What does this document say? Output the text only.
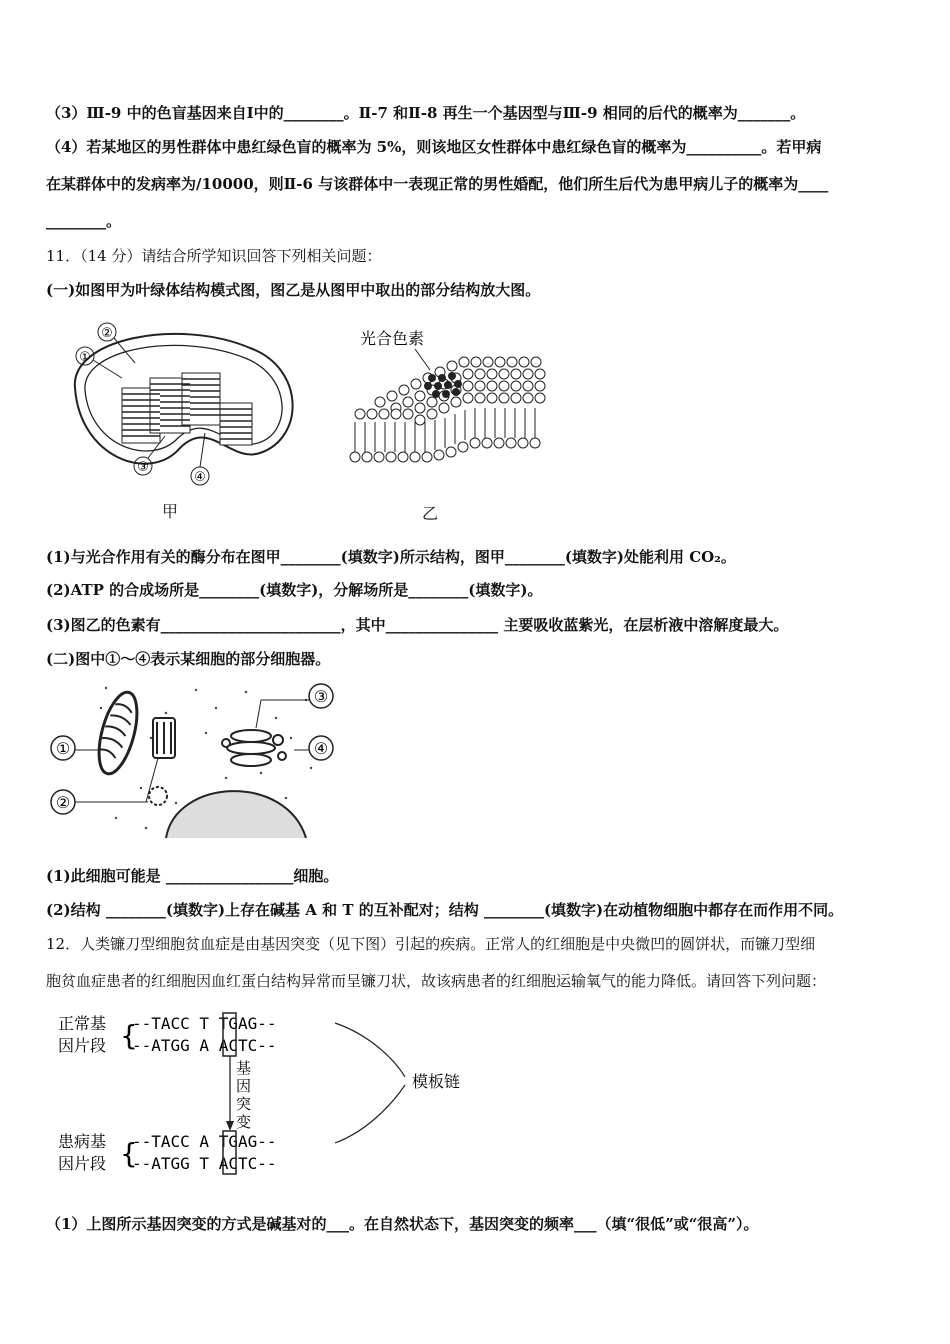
（3）Ⅲ-9 中的色盲基因来自Ⅰ中的________。Ⅱ-7 和Ⅱ-8 再生一个基因型与Ⅲ-9 相同的后代的概率为_______。
（4）若某地区的男性群体中患红绿色盲的概率为 5%，则该地区女性群体中患红绿色盲的概率为__________。若甲病
在某群体中的发病率为/10000，则Ⅱ-6 与该群体中一表现正常的男性婚配，他们所生后代为患甲病儿子的概率为____
________。
11．（14 分）请结合所学知识回答下列相关问题：
(一)如图甲为叶绿体结构模式图，图乙是从图甲中取出的部分结构放大图。
②
①
③
④
甲
光合色素
乙
(1)与光合作用有关的酶分布在图甲________(填数字)所示结构，图甲________(填数字)处能利用 CO₂。
(2)ATP 的合成场所是________(填数字)，分解场所是________(填数字)。
(3)图乙的色素有________________________，其中_______________ 主要吸收蓝紫光，在层析液中溶解度最大。
(二)图中①～④表示某细胞的部分细胞器。
①
②
③
④
(1)此细胞可能是 _________________细胞。
(2)结构 ________(填数字)上存在碱基 A 和 T 的互补配对；结构 ________(填数字)在动植物细胞中都存在而作用不同。
12．人类镰刀型细胞贫血症是由基因突变（见下图）引起的疾病。正常人的红细胞是中央微凹的圆饼状，而镰刀型细
胞贫血症患者的红细胞因血红蛋白结构异常而呈镰刀状，故该病患者的红细胞运输氧气的能力降低。请回答下列问题：
正常基
因片段 {
--TACC T TGAG--
--ATGG A ACTC--
基
因
突
变
患病基
因片段 {
--TACC A TGAG--
--ATGG T ACTC--
模板链
（1）上图所示基因突变的方式是碱基对的___。在自然状态下，基因突变的频率___（填“很低”或“很高”）。
